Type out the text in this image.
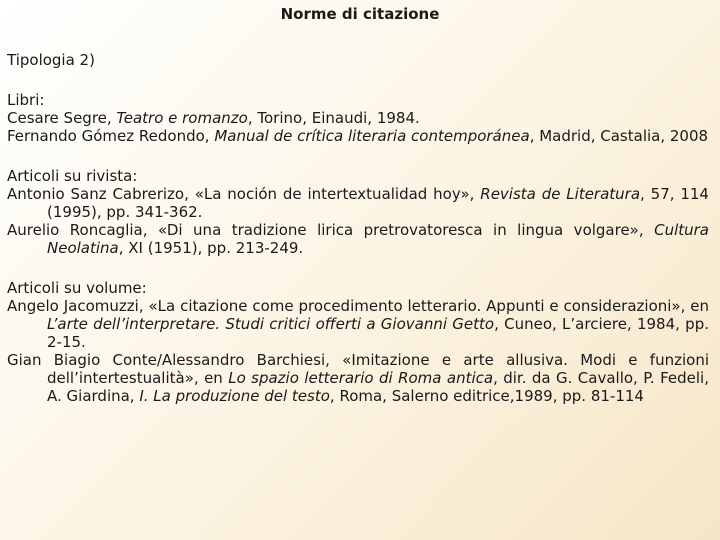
Norme di citazione

Tipologia 2)

Libri:

Cesare Segre, Teatro e romanzo, Torino, Einaudi, 1984.

Fernando Gómez Redondo, Manual de crítica literaria contemporánea, Madrid, Castalia, 2008

Articoli su rivista:

Antonio Sanz Cabrerizo, «La noción de intertextualidad hoy», Revista de Literatura, 57, 114 (1995), pp. 341-362.

Aurelio Roncaglia, «Di una tradizione lirica pretrovatoresca in lingua volgare», Cultura Neolatina, XI (1951), pp. 213-249.

Articoli su volume:

Angelo Jacomuzzi, «La citazione come procedimento letterario. Appunti e considerazioni», en L’arte dell’interpretare. Studi critici offerti a Giovanni Getto, Cuneo, L’arciere, 1984, pp. 2-15.

Gian Biagio Conte/Alessandro Barchiesi, «Imitazione e arte allusiva. Modi e funzioni dell’intertestualità», en Lo spazio letterario di Roma antica, dir. da G. Cavallo, P. Fedeli, A. Giardina, I. La produzione del testo, Roma, Salerno editrice,1989, pp. 81-114
